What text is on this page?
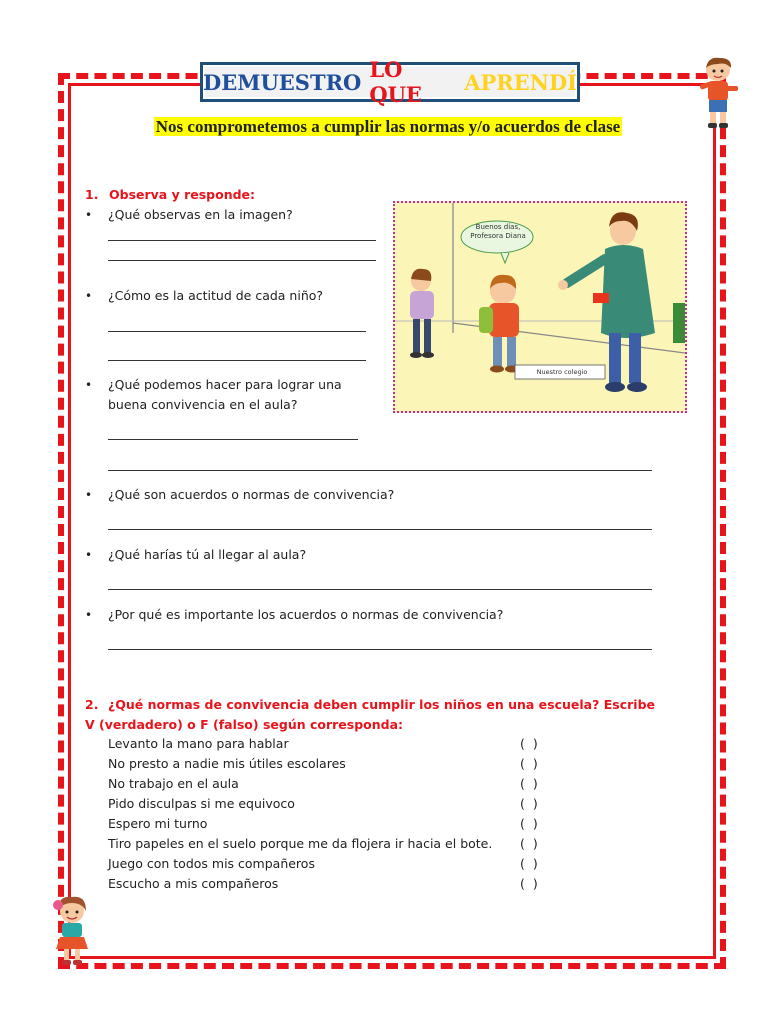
DEMUESTRO LO QUE	APRENDÍ
Nos comprometemos a cumplir las normas y/o acuerdos de clase
1. Observa y responde:
• ¿Qué observas en la imagen?
• ¿Cómo es la actitud de cada niño?
• ¿Qué podemos hacer para lograr una buena convivencia en el aula?
• ¿Qué son acuerdos o normas de convivencia?
• ¿Qué harías tú al llegar al aula?
• ¿Por qué es importante los acuerdos o normas de convivencia?
Buenos días, Profesora Diana
Nuestro colegio
2. ¿Qué normas de convivencia deben cumplir los niños en una escuela? Escribe V (verdadero) o F (falso) según corresponda:
Levanto la mano para hablar	( )
No presto a nadie mis útiles escolares	( )
No trabajo en el aula	( )
Pido disculpas si me equivoco	( )
Espero mi turno	( )
Tiro papeles en el suelo porque me da flojera ir hacia el bote. ( )
Juego con todos mis compañeros	( )
Escucho a mis compañeros	( )
